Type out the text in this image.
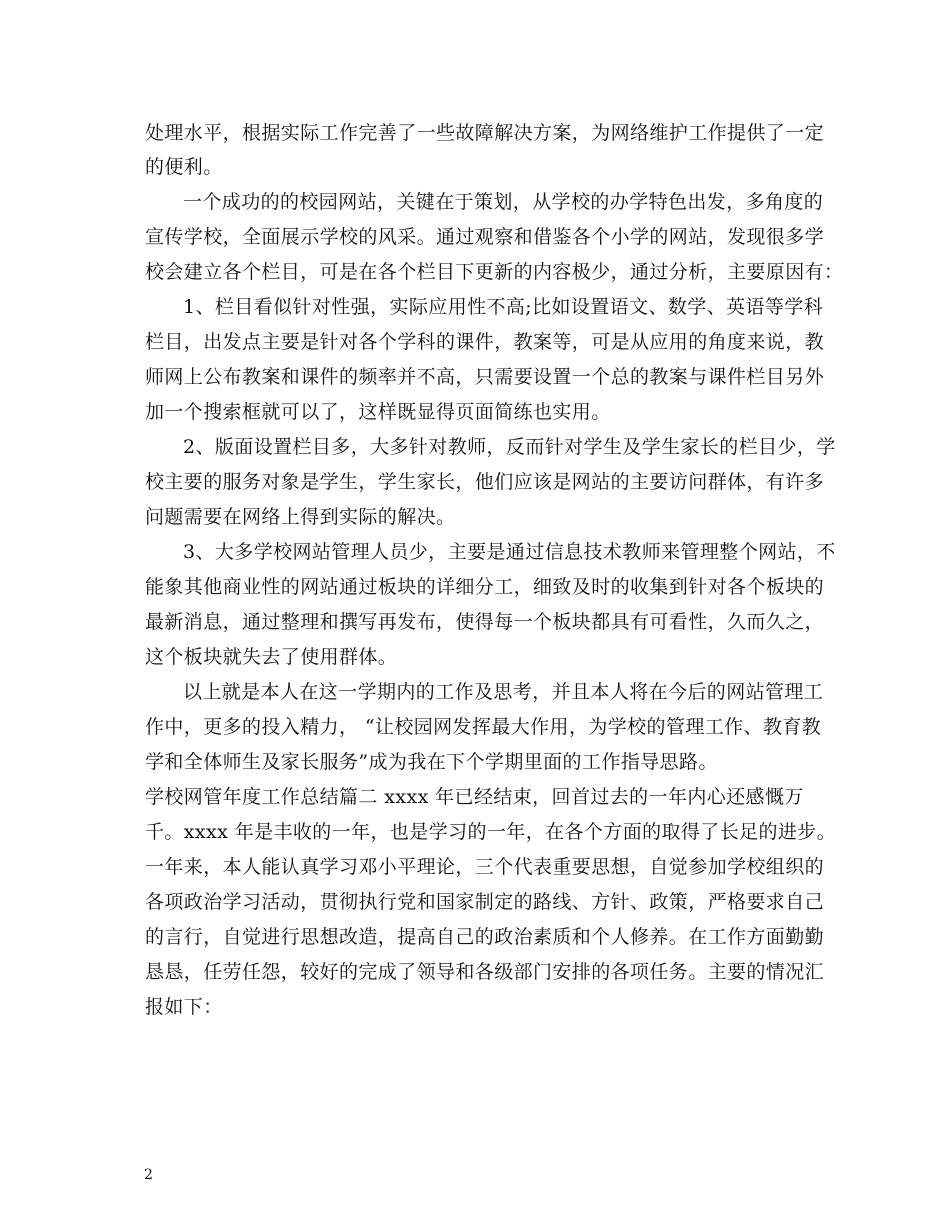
处理水平，根据实际工作完善了一些故障解决方案，为网络维护工作提供了一定
的便利。
一个成功的的校园网站，关键在于策划，从学校的办学特色出发，多角度的
宣传学校，全面展示学校的风采。通过观察和借鉴各个小学的网站，发现很多学
校会建立各个栏目，可是在各个栏目下更新的内容极少，通过分析，主要原因有：
1、栏目看似针对性强，实际应用性不高;比如设置语文、数学、英语等学科
栏目，出发点主要是针对各个学科的课件，教案等，可是从应用的角度来说，教
师网上公布教案和课件的频率并不高，只需要设置一个总的教案与课件栏目另外
加一个搜索框就可以了，这样既显得页面简练也实用。
2、版面设置栏目多，大多针对教师，反而针对学生及学生家长的栏目少，学
校主要的服务对象是学生，学生家长，他们应该是网站的主要访问群体，有许多
问题需要在网络上得到实际的解决。
3、大多学校网站管理人员少，主要是通过信息技术教师来管理整个网站，不
能象其他商业性的网站通过板块的详细分工，细致及时的收集到针对各个板块的
最新消息，通过整理和撰写再发布，使得每一个板块都具有可看性，久而久之，
这个板块就失去了使用群体。
以上就是本人在这一学期内的工作及思考，并且本人将在今后的网站管理工
作中，更多的投入精力， “让校园网发挥最大作用，为学校的管理工作、教育教
学和全体师生及家长服务”成为我在下个学期里面的工作指导思路。
学校网管年度工作总结篇二 xxxx 年已经结束，回首过去的一年内心还感慨万
千。xxxx 年是丰收的一年，也是学习的一年，在各个方面的取得了长足的进步。
一年来，本人能认真学习邓小平理论，三个代表重要思想，自觉参加学校组织的
各项政治学习活动，贯彻执行党和国家制定的路线、方针、政策，严格要求自己
的言行，自觉进行思想改造，提高自己的政治素质和个人修养。在工作方面勤勤
恳恳，任劳任怨，较好的完成了领导和各级部门安排的各项任务。主要的情况汇
报如下：
2
